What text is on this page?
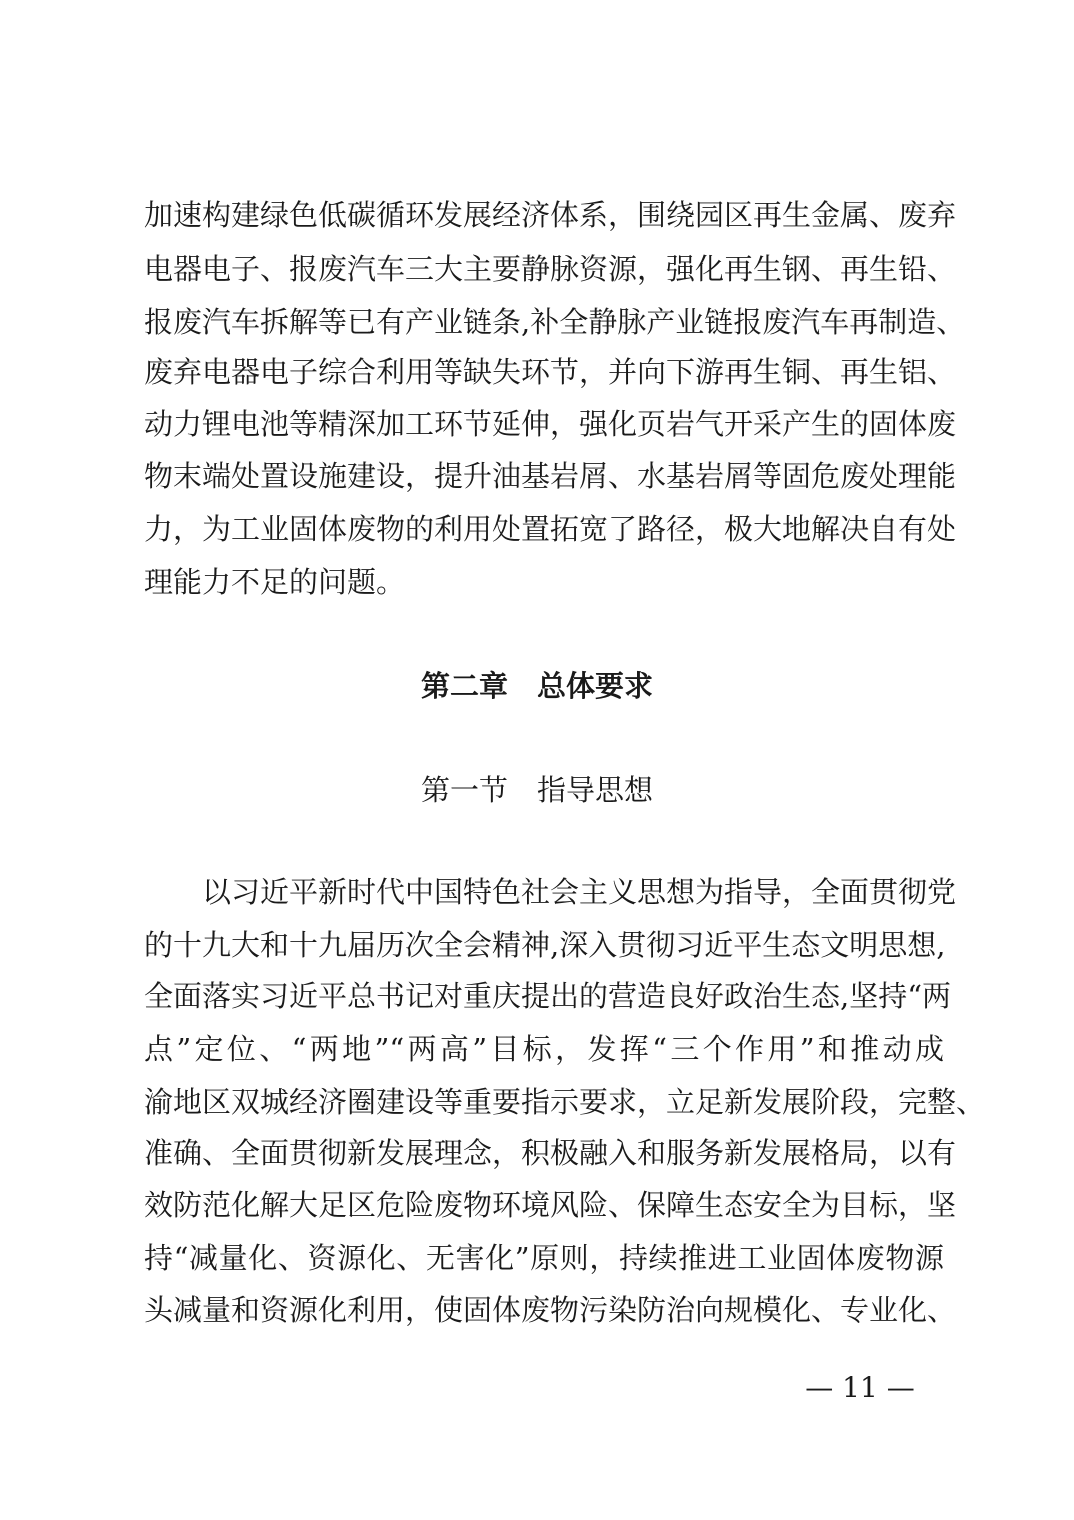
加速构建绿色低碳循环发展经济体系，围绕园区再生金属、废弃
电器电子、报废汽车三大主要静脉资源，强化再生钢、再生铅、
报废汽车拆解等已有产业链条,补全静脉产业链报废汽车再制造、
废弃电器电子综合利用等缺失环节，并向下游再生铜、再生铝、
动力锂电池等精深加工环节延伸，强化页岩气开采产生的固体废
物末端处置设施建设，提升油基岩屑、水基岩屑等固危废处理能
力，为工业固体废物的利用处置拓宽了路径，极大地解决自有处
理能力不足的问题。
第二章　总体要求
第一节　指导思想
以习近平新时代中国特色社会主义思想为指导，全面贯彻党
的十九大和十九届历次全会精神,深入贯彻习近平生态文明思想,
全面落实习近平总书记对重庆提出的营造良好政治生态,坚持“两
点”定位、“两地”“两高”目标，发挥“三个作用”和推动成
渝地区双城经济圈建设等重要指示要求，立足新发展阶段，完整、
准确、全面贯彻新发展理念，积极融入和服务新发展格局，以有
效防范化解大足区危险废物环境风险、保障生态安全为目标，坚
持“减量化、资源化、无害化”原则，持续推进工业固体废物源
头减量和资源化利用，使固体废物污染防治向规模化、专业化、
— 11 —
